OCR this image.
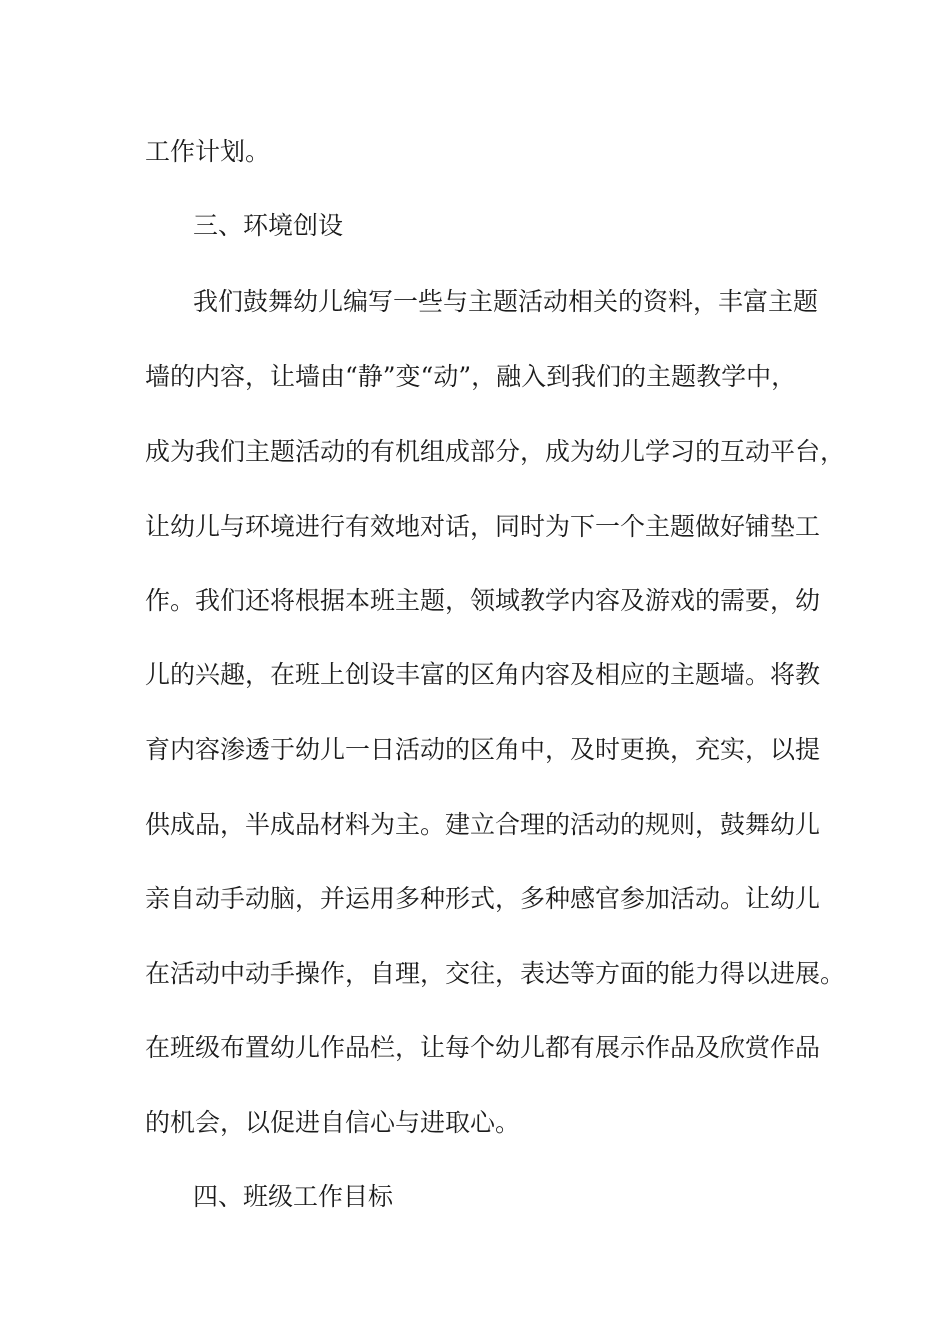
工作计划。
三、环境创设
我们鼓舞幼儿编写一些与主题活动相关的资料，丰富主题
墙的内容，让墙由“静”变“动”，融入到我们的主题教学中，
成为我们主题活动的有机组成部分，成为幼儿学习的互动平台，
让幼儿与环境进行有效地对话，同时为下一个主题做好铺垫工
作。我们还将根据本班主题，领域教学内容及游戏的需要，幼
儿的兴趣，在班上创设丰富的区角内容及相应的主题墙。将教
育内容渗透于幼儿一日活动的区角中，及时更换，充实，以提
供成品，半成品材料为主。建立合理的活动的规则，鼓舞幼儿
亲自动手动脑，并运用多种形式，多种感官参加活动。让幼儿
在活动中动手操作，自理，交往，表达等方面的能力得以进展。
在班级布置幼儿作品栏，让每个幼儿都有展示作品及欣赏作品
的机会，以促进自信心与进取心。
四、班级工作目标
